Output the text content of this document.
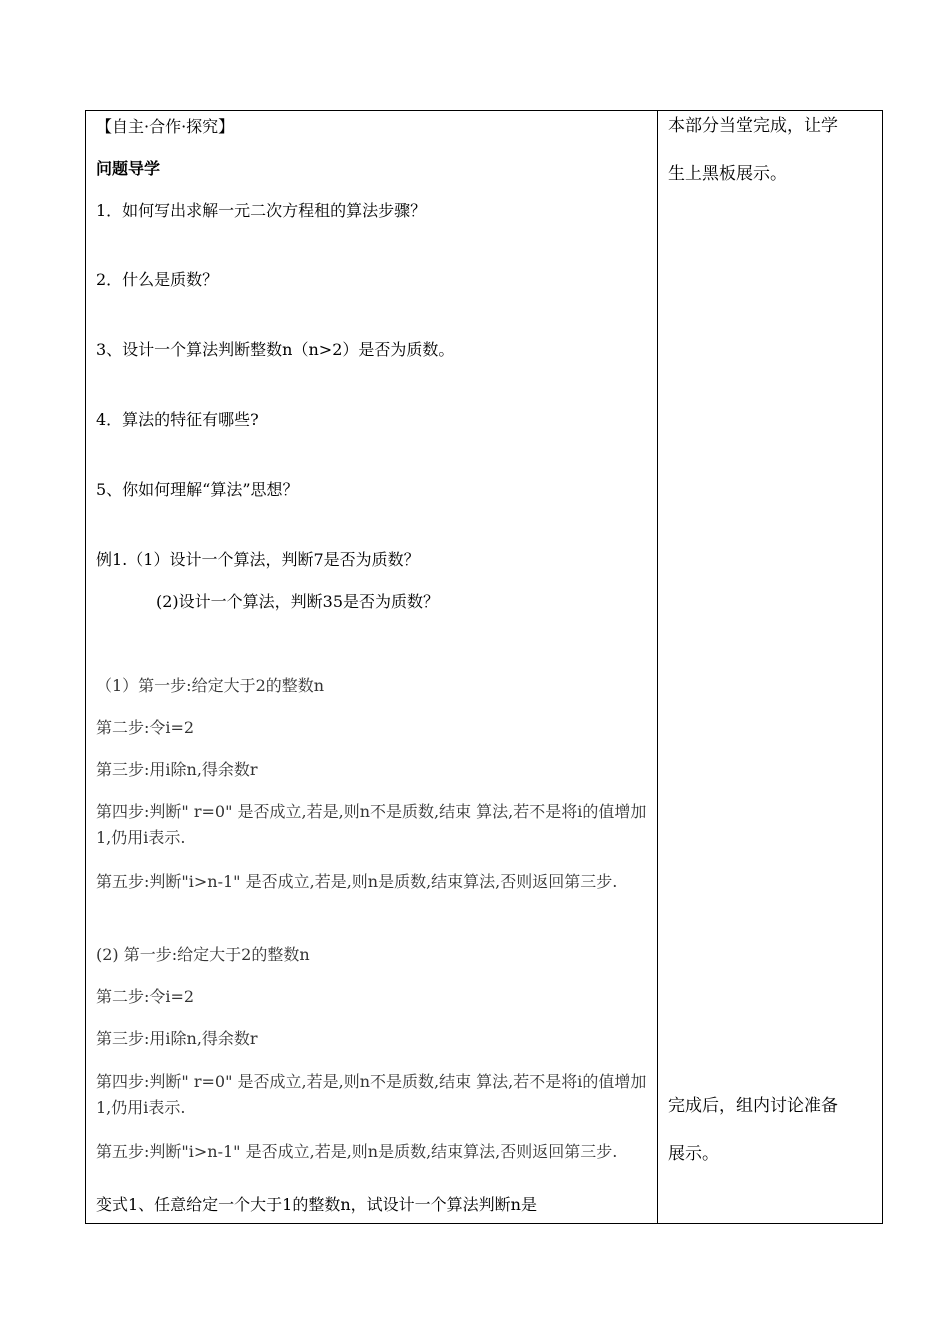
【自主·合作·探究】
问题导学
1．如何写出求解一元二次方程租的算法步骤？
2．什么是质数？
3、设计一个算法判断整数n（n>2）是否为质数。
4．算法的特征有哪些?
5、你如何理解“算法”思想？
例1.（1）设计一个算法，判断7是否为质数？
(2)设计一个算法，判断35是否为质数？
（1）第一步:给定大于2的整数n
第二步:令i=2
第三步:用i除n,得余数r
第四步:判断" r=0" 是否成立,若是,则n不是质数,结束 算法,若不是将i的值增加1,仍用i表示.
第五步:判断"i>n-1" 是否成立,若是,则n是质数,结束算法,否则返回第三步.
(2) 第一步:给定大于2的整数n
第二步:令i=2
第三步:用i除n,得余数r
第四步:判断" r=0" 是否成立,若是,则n不是质数,结束 算法,若不是将i的值增加1,仍用i表示.
第五步:判断"i>n-1" 是否成立,若是,则n是质数,结束算法,否则返回第三步.
变式1、任意给定一个大于1的整数n，试设计一个算法判断n是
本部分当堂完成，让学
生上黑板展示。
完成后，组内讨论准备
展示。
